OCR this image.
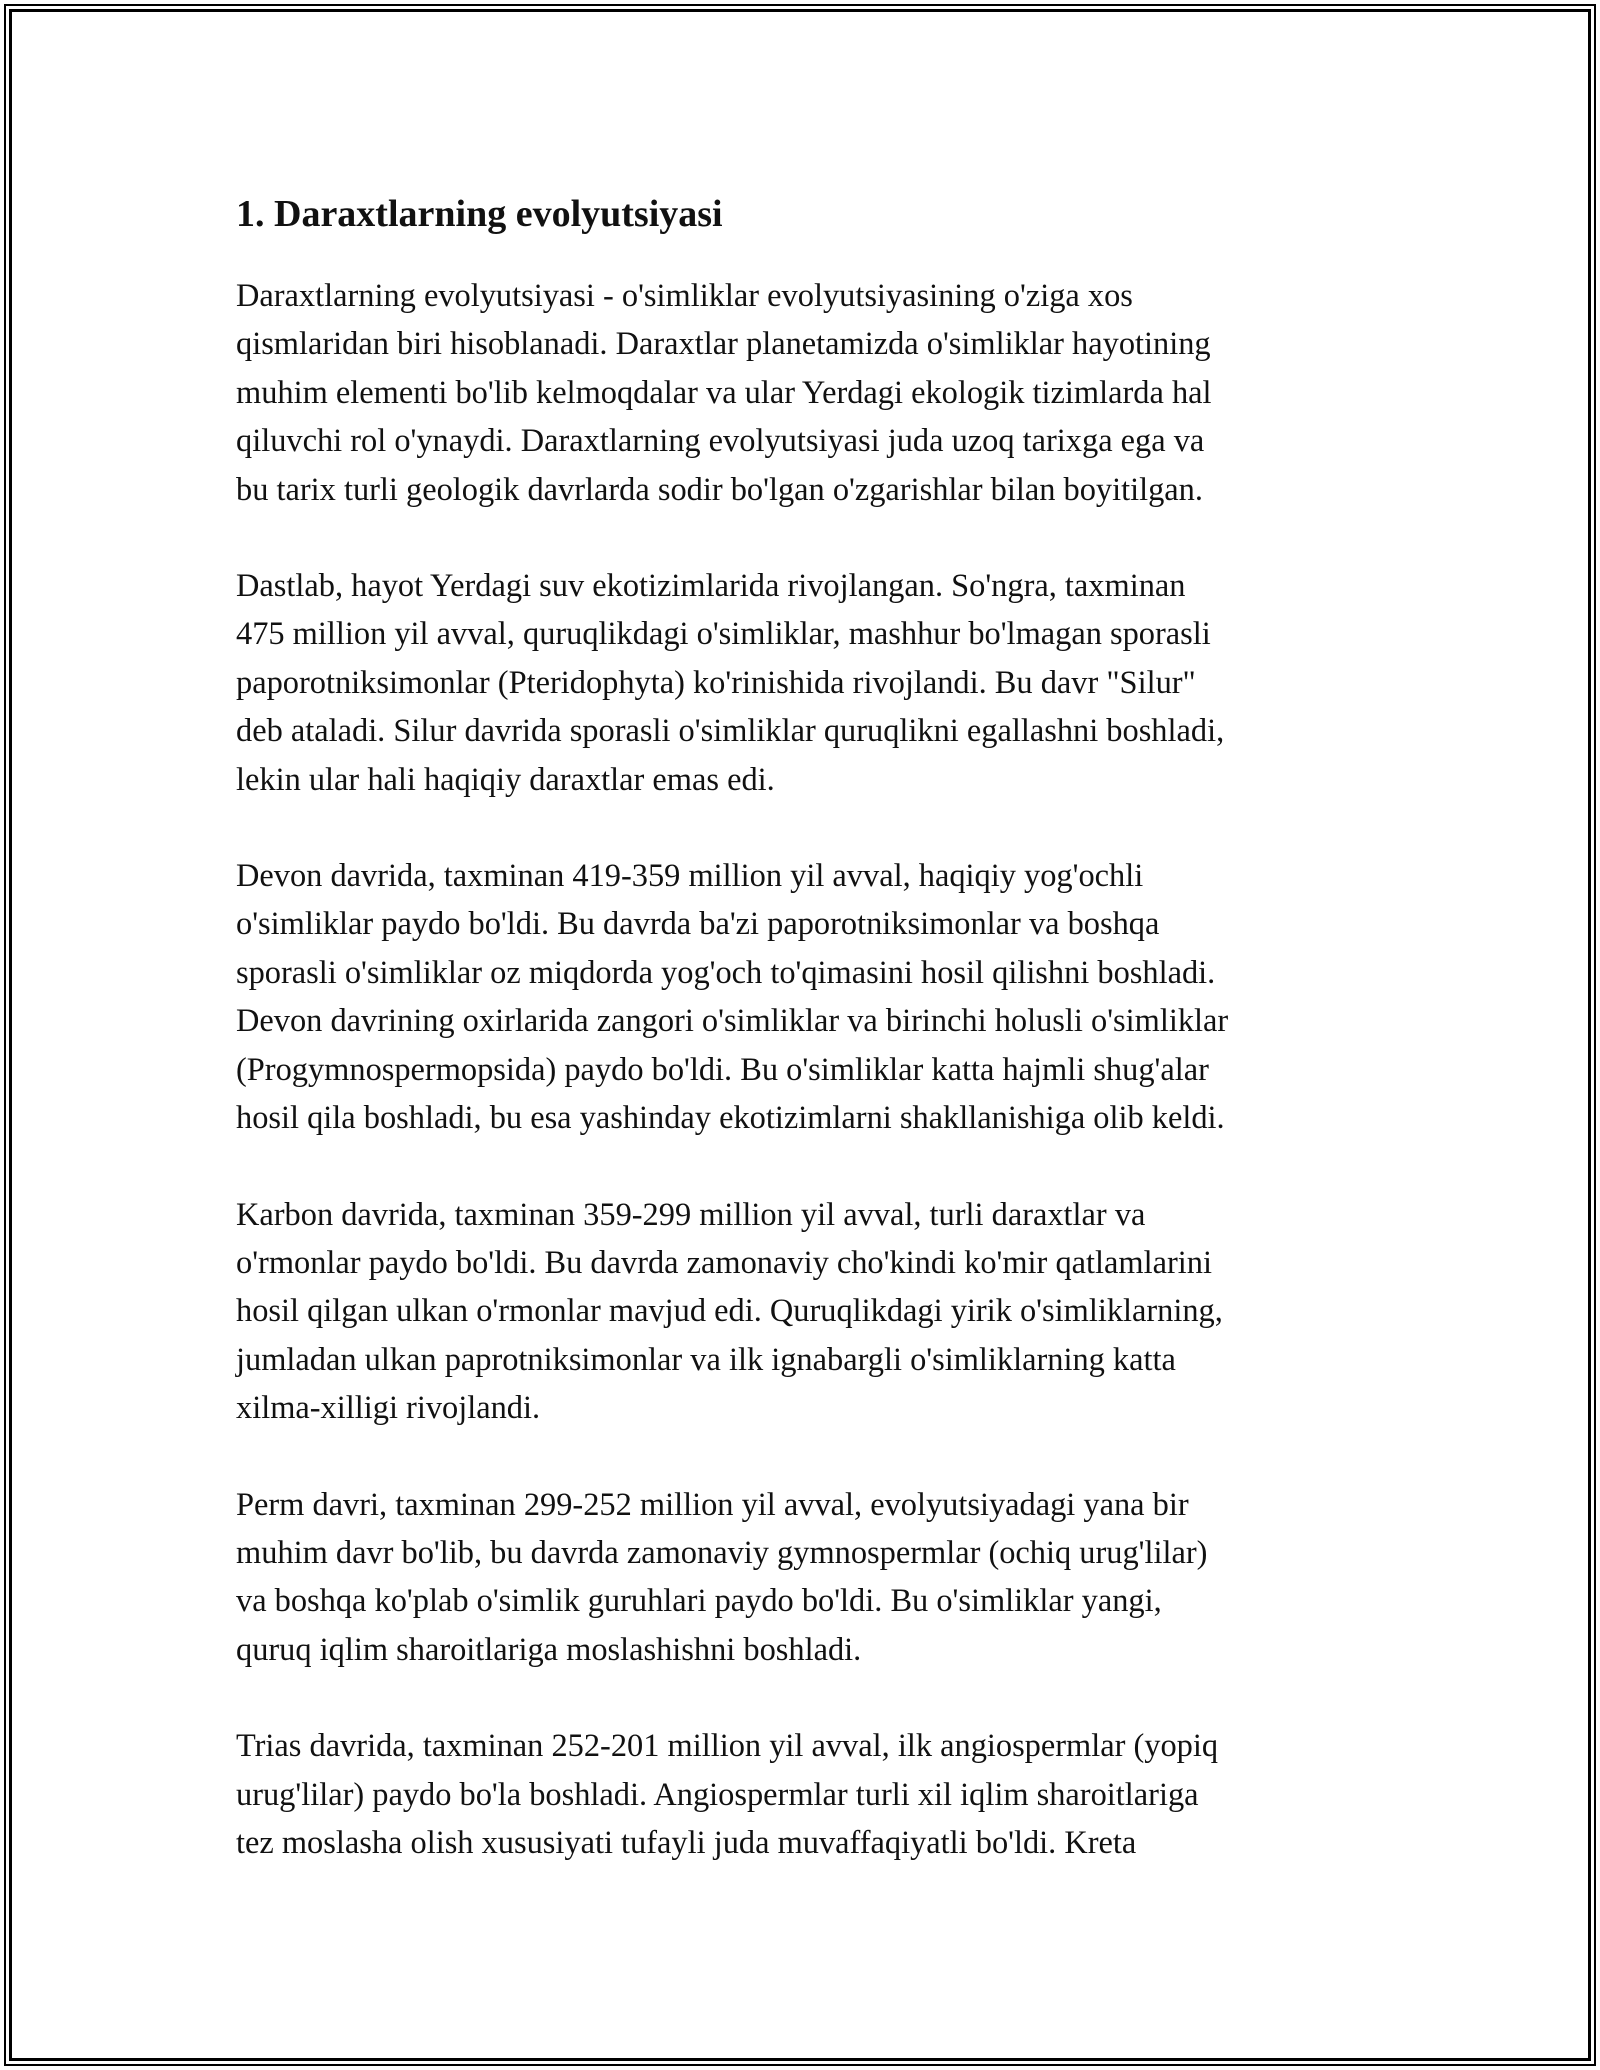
1. Daraxtlarning evolyutsiyasi

Daraxtlarning evolyutsiyasi - o'simliklar evolyutsiyasining o'ziga xos
qismlaridan biri hisoblanadi. Daraxtlar planetamizda o'simliklar hayotining
muhim elementi bo'lib kelmoqdalar va ular Yerdagi ekologik tizimlarda hal
qiluvchi rol o'ynaydi. Daraxtlarning evolyutsiyasi juda uzoq tarixga ega va
bu tarix turli geologik davrlarda sodir bo'lgan o'zgarishlar bilan boyitilgan.

Dastlab, hayot Yerdagi suv ekotizimlarida rivojlangan. So'ngra, taxminan
475 million yil avval, quruqlikdagi o'simliklar, mashhur bo'lmagan sporasli
paporotniksimonlar (Pteridophyta) ko'rinishida rivojlandi. Bu davr "Silur"
deb ataladi. Silur davrida sporasli o'simliklar quruqlikni egallashni boshladi,
lekin ular hali haqiqiy daraxtlar emas edi.

Devon davrida, taxminan 419-359 million yil avval, haqiqiy yog'ochli
o'simliklar paydo bo'ldi. Bu davrda ba'zi paporotniksimonlar va boshqa
sporasli o'simliklar oz miqdorda yog'och to'qimasini hosil qilishni boshladi.
Devon davrining oxirlarida zangori o'simliklar va birinchi holusli o'simliklar
(Progymnospermopsida) paydo bo'ldi. Bu o'simliklar katta hajmli shug'alar
hosil qila boshladi, bu esa yashinday ekotizimlarni shakllanishiga olib keldi.

Karbon davrida, taxminan 359-299 million yil avval, turli daraxtlar va
o'rmonlar paydo bo'ldi. Bu davrda zamonaviy cho'kindi ko'mir qatlamlarini
hosil qilgan ulkan o'rmonlar mavjud edi. Quruqlikdagi yirik o'simliklarning,
jumladan ulkan paprotniksimonlar va ilk ignabargli o'simliklarning katta
xilma-xilligi rivojlandi.

Perm davri, taxminan 299-252 million yil avval, evolyutsiyadagi yana bir
muhim davr bo'lib, bu davrda zamonaviy gymnospermlar (ochiq urug'lilar)
va boshqa ko'plab o'simlik guruhlari paydo bo'ldi. Bu o'simliklar yangi,
quruq iqlim sharoitlariga moslashishni boshladi.

Trias davrida, taxminan 252-201 million yil avval, ilk angiospermlar (yopiq
urug'lilar) paydo bo'la boshladi. Angiospermlar turli xil iqlim sharoitlariga
tez moslasha olish xususiyati tufayli juda muvaffaqiyatli bo'ldi. Kreta
